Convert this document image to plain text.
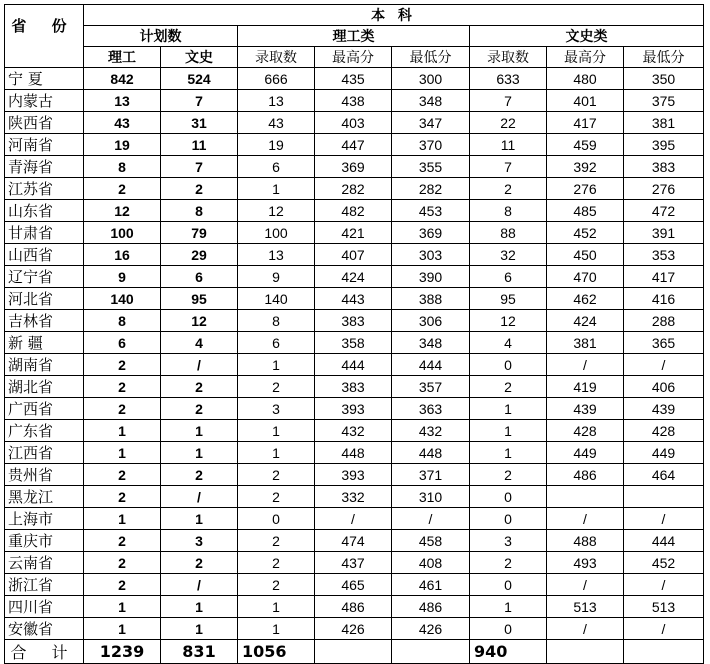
省 份	本 科							
	计划数		理工类			文史类		
	理工	文史	录取数	最高分	最低分	录取数	最高分	最低分
宁 夏	842	524	666	435	300	633	480	350
内蒙古	13	7	13	438	348	7	401	375
陕西省	43	31	43	403	347	22	417	381
河南省	19	11	19	447	370	11	459	395
青海省	8	7	6	369	355	7	392	383
江苏省	2	2	1	282	282	2	276	276
山东省	12	8	12	482	453	8	485	472
甘肃省	100	79	100	421	369	88	452	391
山西省	16	29	13	407	303	32	450	353
辽宁省	9	6	9	424	390	6	470	417
河北省	140	95	140	443	388	95	462	416
吉林省	8	12	8	383	306	12	424	288
新 疆	6	4	6	358	348	4	381	365
湖南省	2	/	1	444	444	0	/	/
湖北省	2	2	2	383	357	2	419	406
广西省	2	2	3	393	363	1	439	439
广东省	1	1	1	432	432	1	428	428
江西省	1	1	1	448	448	1	449	449
贵州省	2	2	2	393	371	2	486	464
黑龙江	2	/	2	332	310	0		
上海市	1	1	0	/	/	0	/	/
重庆市	2	3	2	474	458	3	488	444
云南省	2	2	2	437	408	2	493	452
浙江省	2	/	2	465	461	0	/	/
四川省	1	1	1	486	486	1	513	513
安徽省	1	1	1	426	426	0	/	/
合 计	1239	831	1056			940		
